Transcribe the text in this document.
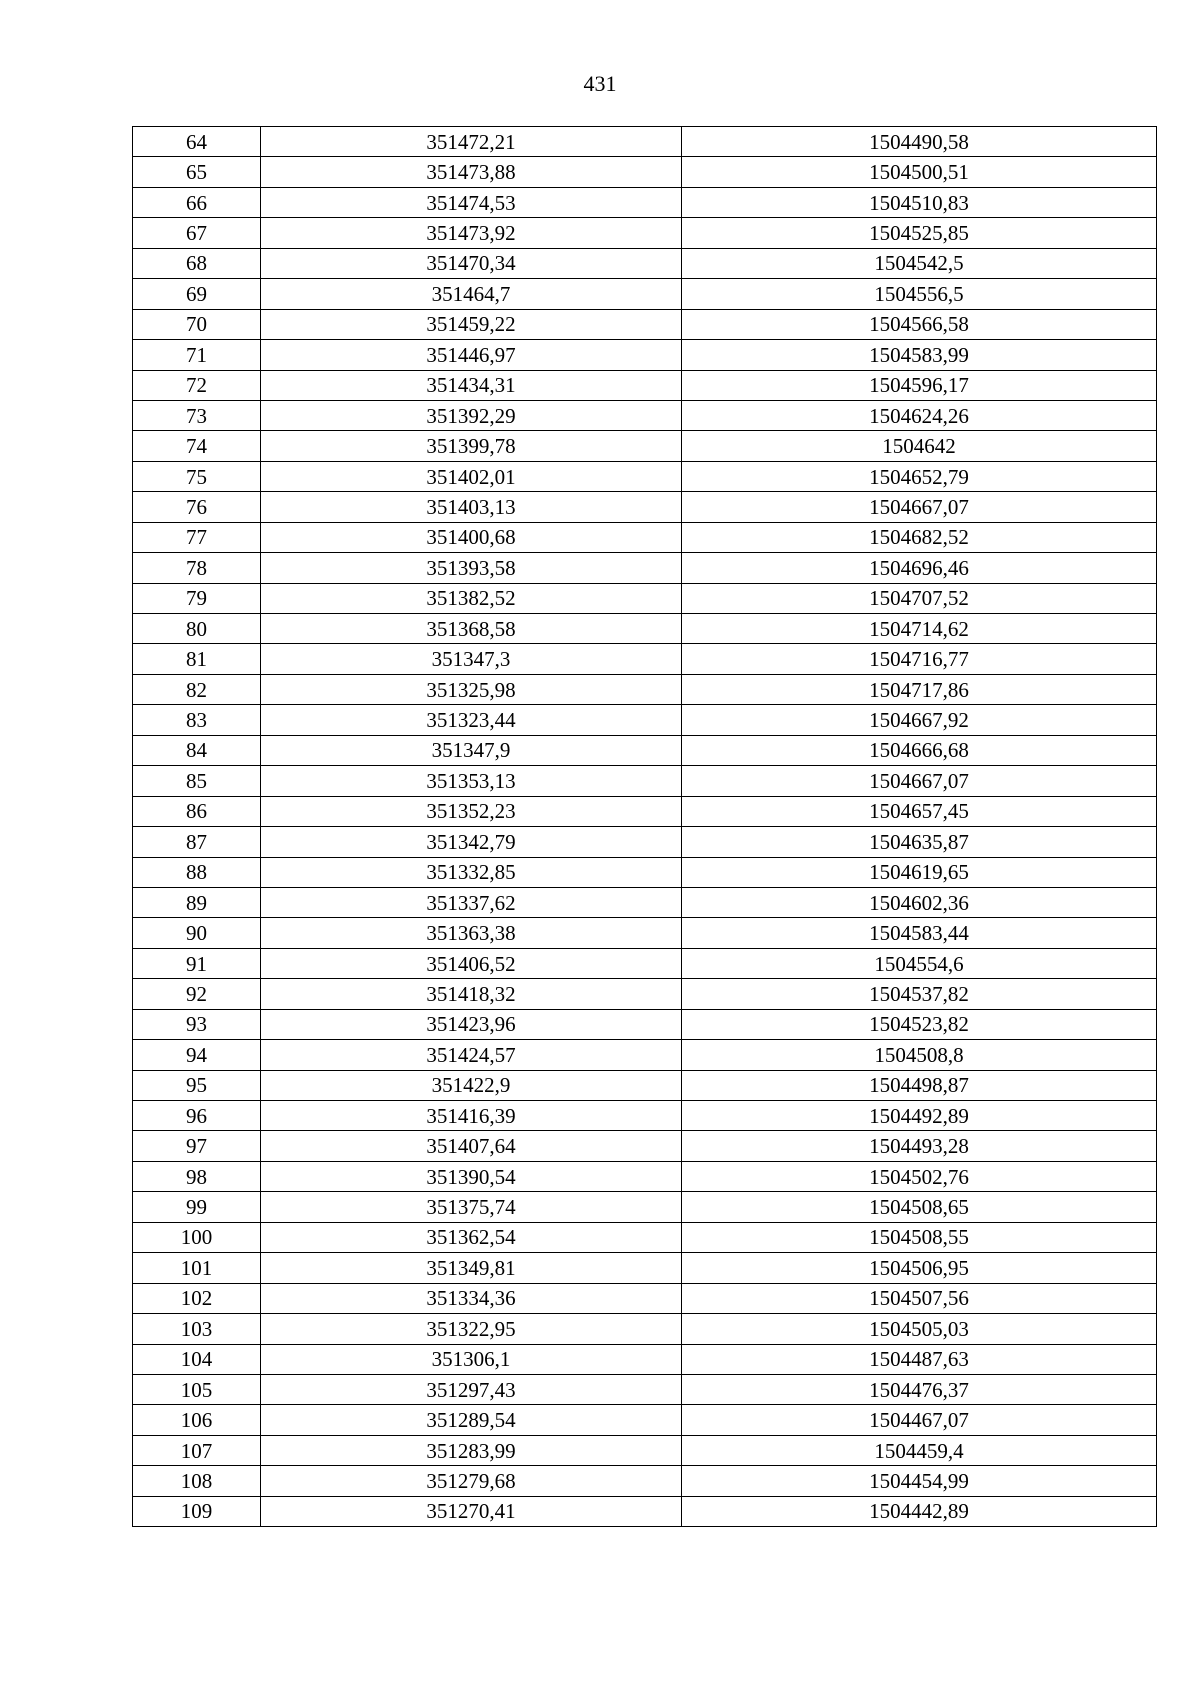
431
64	351472,21	1504490,58
65	351473,88	1504500,51
66	351474,53	1504510,83
67	351473,92	1504525,85
68	351470,34	1504542,5
69	351464,7	1504556,5
70	351459,22	1504566,58
71	351446,97	1504583,99
72	351434,31	1504596,17
73	351392,29	1504624,26
74	351399,78	1504642
75	351402,01	1504652,79
76	351403,13	1504667,07
77	351400,68	1504682,52
78	351393,58	1504696,46
79	351382,52	1504707,52
80	351368,58	1504714,62
81	351347,3	1504716,77
82	351325,98	1504717,86
83	351323,44	1504667,92
84	351347,9	1504666,68
85	351353,13	1504667,07
86	351352,23	1504657,45
87	351342,79	1504635,87
88	351332,85	1504619,65
89	351337,62	1504602,36
90	351363,38	1504583,44
91	351406,52	1504554,6
92	351418,32	1504537,82
93	351423,96	1504523,82
94	351424,57	1504508,8
95	351422,9	1504498,87
96	351416,39	1504492,89
97	351407,64	1504493,28
98	351390,54	1504502,76
99	351375,74	1504508,65
100	351362,54	1504508,55
101	351349,81	1504506,95
102	351334,36	1504507,56
103	351322,95	1504505,03
104	351306,1	1504487,63
105	351297,43	1504476,37
106	351289,54	1504467,07
107	351283,99	1504459,4
108	351279,68	1504454,99
109	351270,41	1504442,89
